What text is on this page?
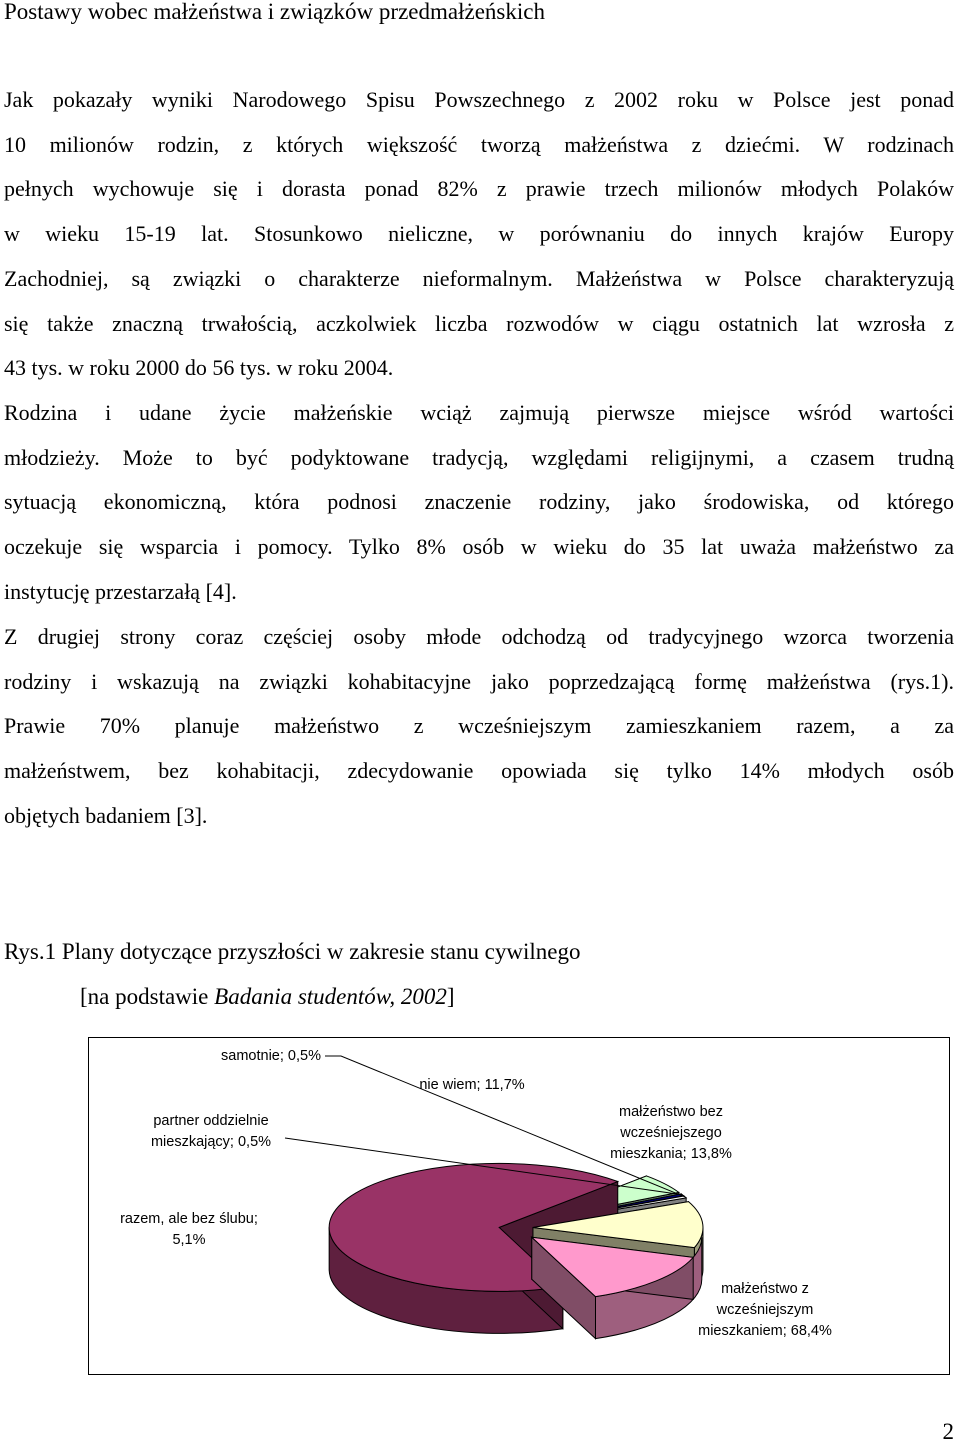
Postawy wobec małżeństwa i związków przedmałżeńskich

Jak pokazały wyniki Narodowego Spisu Powszechnego z 2002 roku w Polsce jest ponad
10 milionów rodzin, z których większość tworzą małżeństwa z dziećmi. W rodzinach
pełnych wychowuje się i dorasta ponad 82% z prawie trzech milionów młodych Polaków
w wieku 15-19 lat. Stosunkowo nieliczne, w porównaniu do innych krajów Europy
Zachodniej, są związki o charakterze nieformalnym. Małżeństwa w Polsce charakteryzują
się także znaczną trwałością, aczkolwiek liczba rozwodów w ciągu ostatnich lat wzrosła z
43 tys. w roku 2000 do 56 tys. w roku 2004.

Rodzina i udane życie małżeńskie wciąż zajmują pierwsze miejsce wśród wartości
młodzieży. Może to być podyktowane tradycją, względami religijnymi, a czasem trudną
sytuacją ekonomiczną, która podnosi znaczenie rodziny, jako środowiska, od którego
oczekuje się wsparcia i pomocy. Tylko 8% osób w wieku do 35 lat uważa małżeństwo za
instytucję przestarzałą [4].

Z drugiej strony coraz częściej osoby młode odchodzą od tradycyjnego wzorca tworzenia
rodziny i wskazują na związki kohabitacyjne jako poprzedzającą formę małżeństwa (rys.1).
Prawie 70% planuje małżeństwo z wcześniejszym zamieszkaniem razem, a za
małżeństwem, bez kohabitacji, zdecydowanie opowiada się tylko 14% młodych osób
objętych badaniem [3].

Rys.1 Plany dotyczące przyszłości w zakresie stanu cywilnego
[na podstawie Badania studentów, 2002]
małżeństwo z
wcześniejszym
mieszkaniem; 68,4%
razem, ale bez ślubu;
5,1%
partner oddzielnie
mieszkający; 0,5%
samotnie; 0,5%
nie wiem; 11,7%
małżeństwo bez
wcześniejszego
mieszkania; 13,8%
2
